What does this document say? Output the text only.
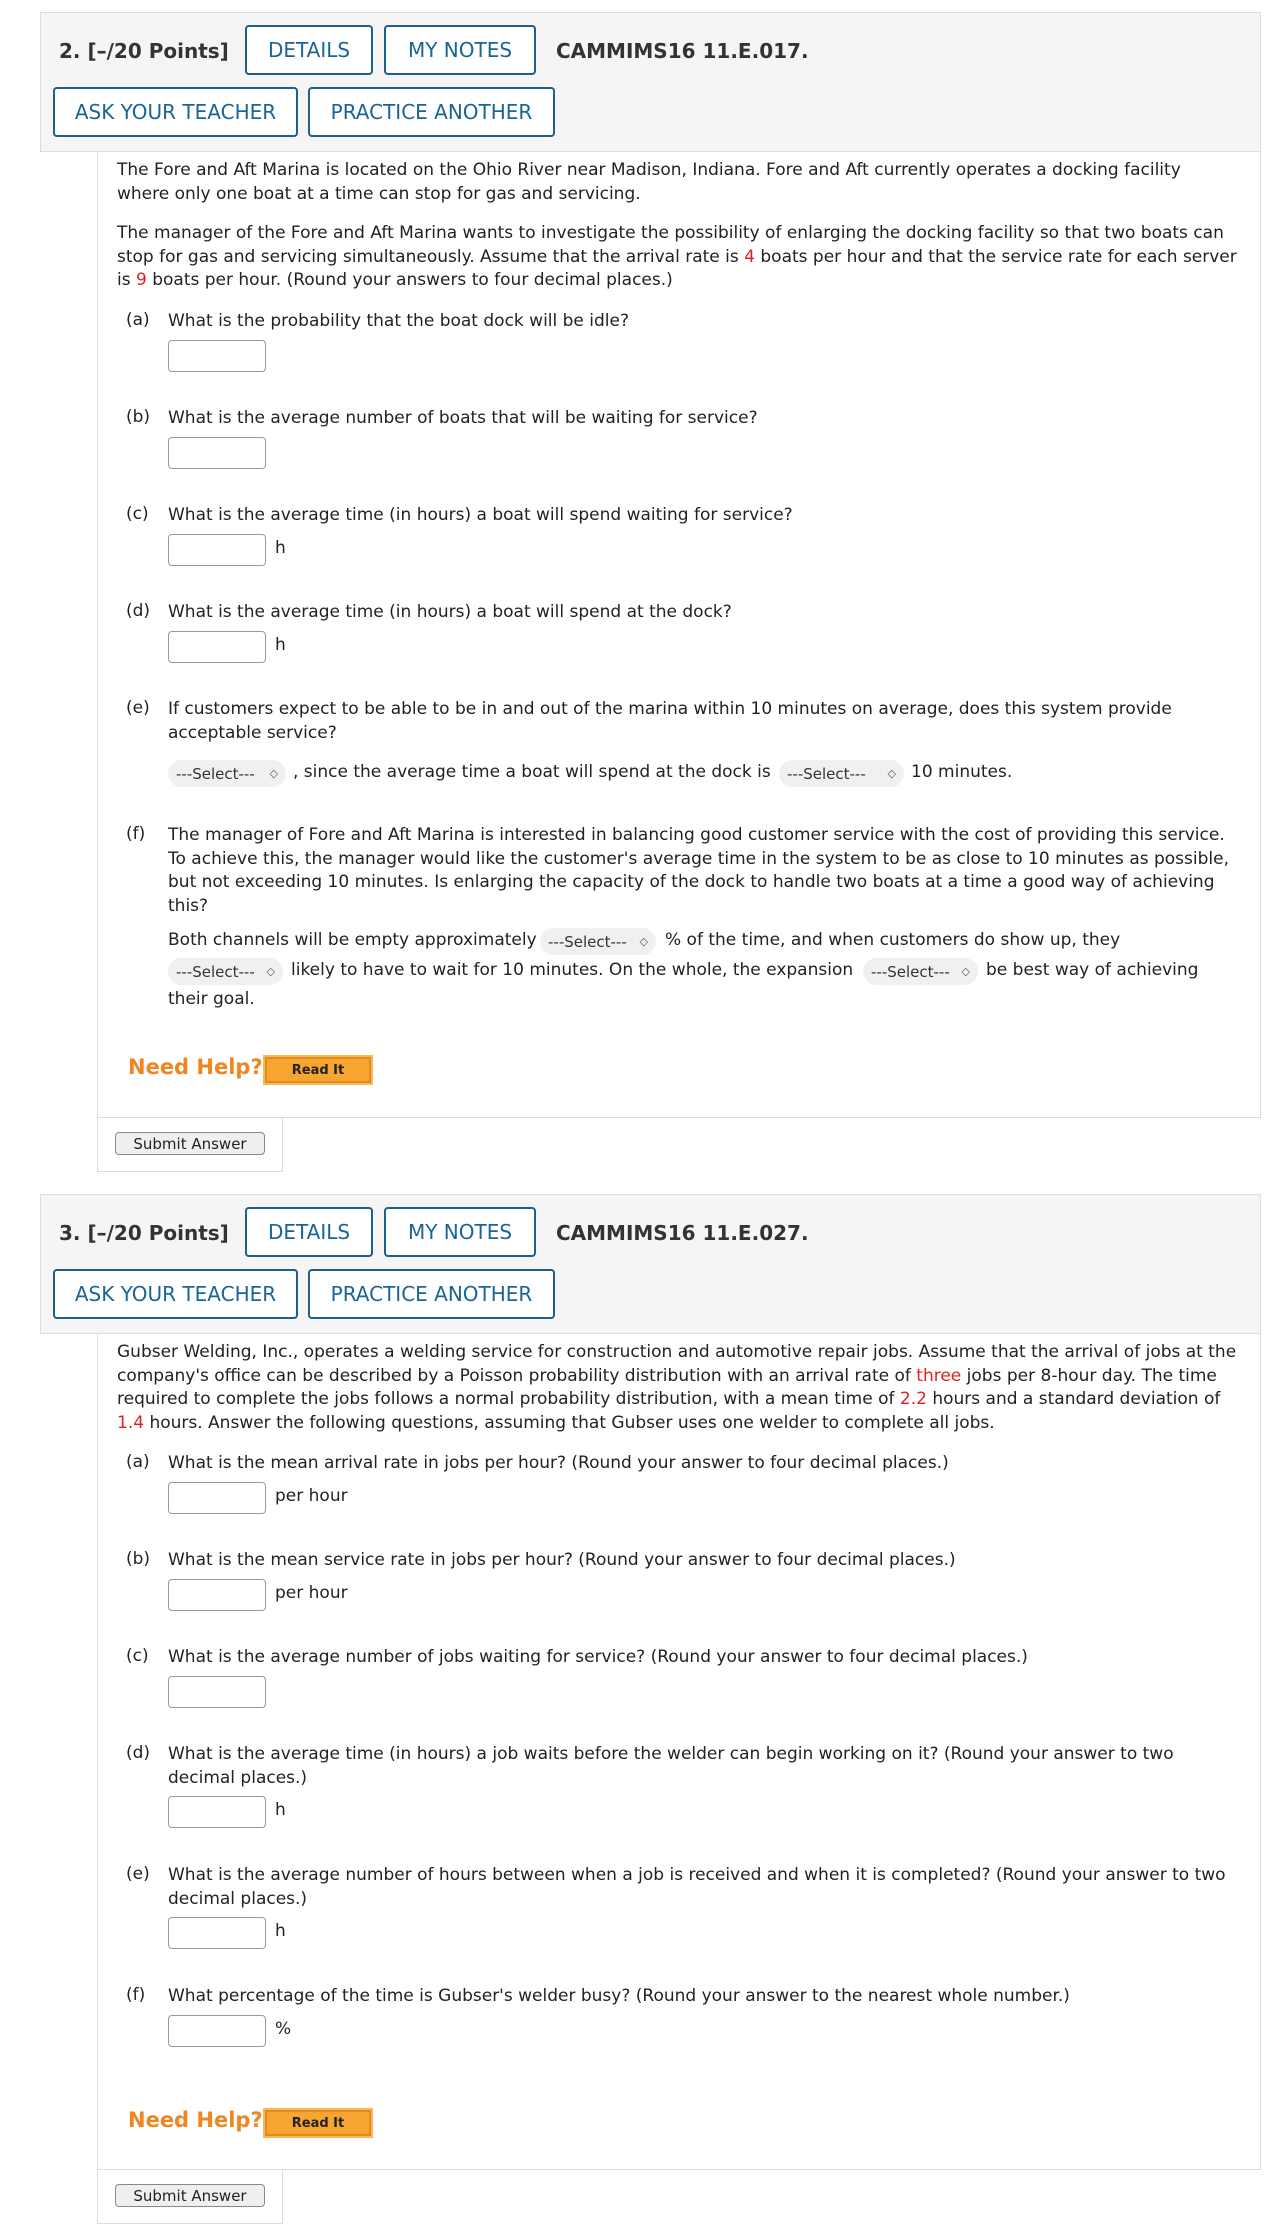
2. [–/20 Points]	DETAILS	MY NOTES	CAMMIMS16 11.E.017.
ASK YOUR TEACHER	PRACTICE ANOTHER

The Fore and Aft Marina is located on the Ohio River near Madison, Indiana. Fore and Aft currently operates a docking facility where only one boat at a time can stop for gas and servicing.

The manager of the Fore and Aft Marina wants to investigate the possibility of enlarging the docking facility so that two boats can stop for gas and servicing simultaneously. Assume that the arrival rate is 4 boats per hour and that the service rate for each server is 9 boats per hour. (Round your answers to four decimal places.)

(a) What is the probability that the boat dock will be idle?

(b) What is the average number of boats that will be waiting for service?

(c) What is the average time (in hours) a boat will spend waiting for service?

h
(d) What is the average time (in hours) a boat will spend at the dock?

h
(e) If customers expect to be able to be in and out of the marina within 10 minutes on average, does this system provide acceptable service?

---Select--- ◇ , since the average time a boat will spend at the dock is ---Select--- ◇ 10 minutes.
(f) The manager of Fore and Aft Marina is interested in balancing good customer service with the cost of providing this service. To achieve this, the manager would like the customer's average time in the system to be as close to 10 minutes as possible, but not exceeding 10 minutes. Is enlarging the capacity of the dock to handle two boats at a time a good way of achieving this?

Both channels will be empty approximately ---Select--- ◇ % of the time, and when customers do show up, they
---Select--- ◇ likely to have to wait for 10 minutes. On the whole, the expansion ---Select--- ◇ be best way of achieving
their goal.
Need Help?	Read It
Submit Answer
3. [–/20 Points]	DETAILS	MY NOTES	CAMMIMS16 11.E.027.
ASK YOUR TEACHER	PRACTICE ANOTHER

Gubser Welding, Inc., operates a welding service for construction and automotive repair jobs. Assume that the arrival of jobs at the company's office can be described by a Poisson probability distribution with an arrival rate of three jobs per 8-hour day. The time required to complete the jobs follows a normal probability distribution, with a mean time of 2.2 hours and a standard deviation of 1.4 hours. Answer the following questions, assuming that Gubser uses one welder to complete all jobs.

(a) What is the mean arrival rate in jobs per hour? (Round your answer to four decimal places.)

per hour
(b) What is the mean service rate in jobs per hour? (Round your answer to four decimal places.)

per hour
(c) What is the average number of jobs waiting for service? (Round your answer to four decimal places.)

(d) What is the average time (in hours) a job waits before the welder can begin working on it? (Round your answer to two decimal places.)

h
(e) What is the average number of hours between when a job is received and when it is completed? (Round your answer to two decimal places.)

h
(f) What percentage of the time is Gubser's welder busy? (Round your answer to the nearest whole number.)

%
Need Help?	Read It
Submit Answer
